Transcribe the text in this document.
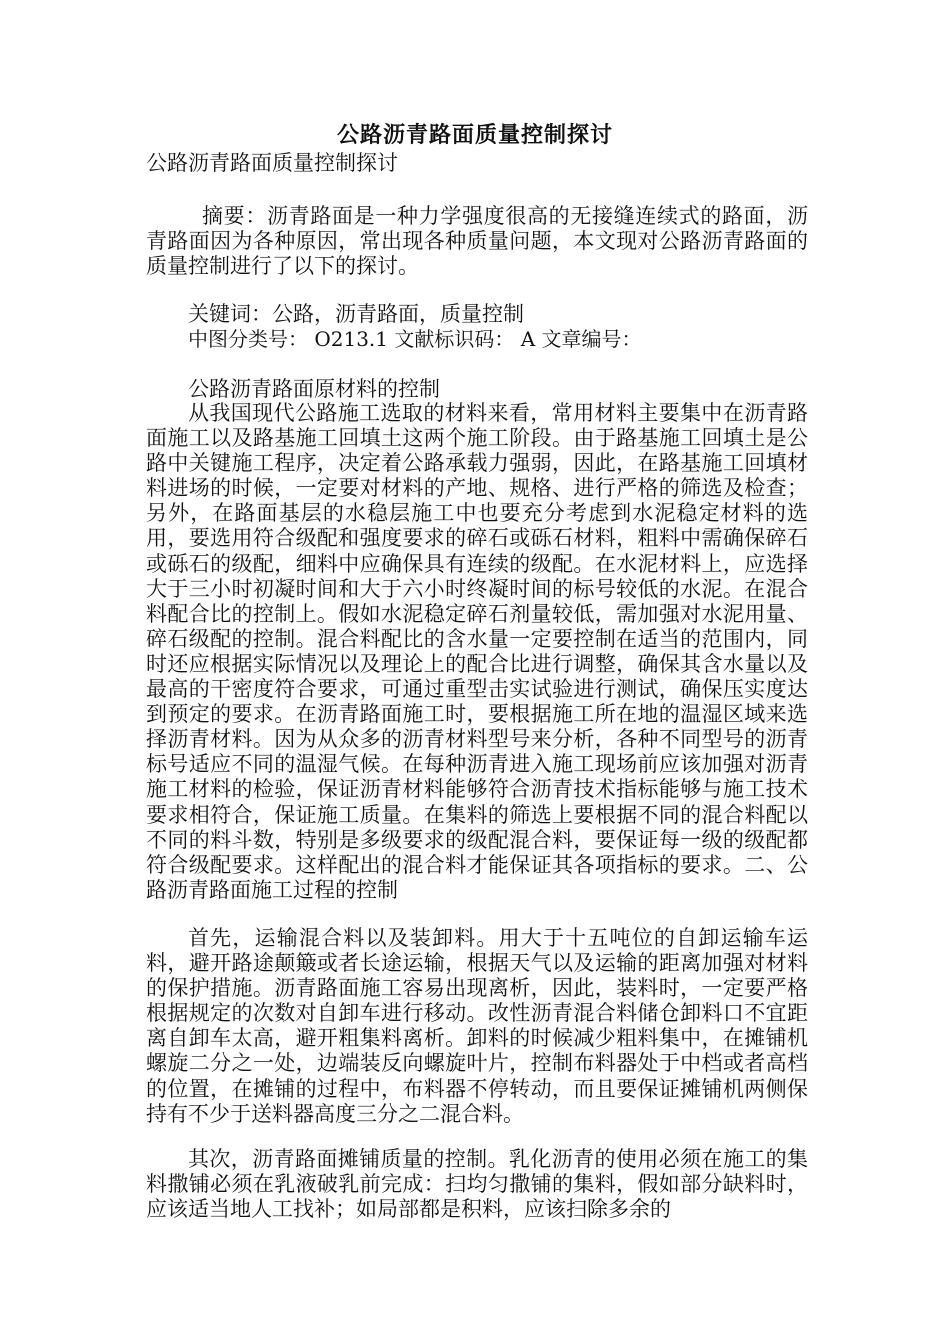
公路沥青路面质量控制探讨

公路沥青路面质量控制探讨

摘要：沥青路面是一种力学强度很高的无接缝连续式的路面，沥青路面因为各种原因，常出现各种质量问题，本文现对公路沥青路面的质量控制进行了以下的探讨。

关键词：公路，沥青路面，质量控制

中图分类号： O213.1 文献标识码： A 文章编号：

公路沥青路面原材料的控制

从我国现代公路施工选取的材料来看，常用材料主要集中在沥青路面施工以及路基施工回填土这两个施工阶段。由于路基施工回填土是公路中关键施工程序，决定着公路承载力强弱，因此，在路基施工回填材料进场的时候，一定要对材料的产地、规格、进行严格的筛选及检查；另外，在路面基层的水稳层施工中也要充分考虑到水泥稳定材料的选用，要选用符合级配和强度要求的碎石或砾石材料，粗料中需确保碎石或砾石的级配，细料中应确保具有连续的级配。在水泥材料上，应选择大于三小时初凝时间和大于六小时终凝时间的标号较低的水泥。在混合料配合比的控制上。假如水泥稳定碎石剂量较低，需加强对水泥用量、碎石级配的控制。混合料配比的含水量一定要控制在适当的范围内，同时还应根据实际情况以及理论上的配合比进行调整，确保其含水量以及最高的干密度符合要求，可通过重型击实试验进行测试，确保压实度达到预定的要求。在沥青路面施工时，要根据施工所在地的温湿区域来选择沥青材料。因为从众多的沥青材料型号来分析，各种不同型号的沥青标号适应不同的温湿气候。在每种沥青进入施工现场前应该加强对沥青施工材料的检验，保证沥青材料能够符合沥青技术指标能够与施工技术要求相符合，保证施工质量。在集料的筛选上要根据不同的混合料配以不同的料斗数，特别是多级要求的级配混合料，要保证每一级的级配都符合级配要求。这样配出的混合料才能保证其各项指标的要求。二、公路沥青路面施工过程的控制

首先，运输混合料以及装卸料。用大于十五吨位的自卸运输车运料，避开路途颠簸或者长途运输，根据天气以及运输的距离加强对材料的保护措施。沥青路面施工容易出现离析，因此，装料时，一定要严格根据规定的次数对自卸车进行移动。改性沥青混合料储仓卸料口不宜距离自卸车太高，避开粗集料离析。卸料的时候减少粗料集中，在摊铺机螺旋二分之一处，边端装反向螺旋叶片，控制布料器处于中档或者高档的位置，在摊铺的过程中，布料器不停转动，而且要保证摊铺机两侧保持有不少于送料器高度三分之二混合料。

其次，沥青路面摊铺质量的控制。乳化沥青的使用必须在施工的集料撒铺必须在乳液破乳前完成：扫均匀撒铺的集料，假如部分缺料时，应该适当地人工找补；如局部都是积料，应该扫除多余的
